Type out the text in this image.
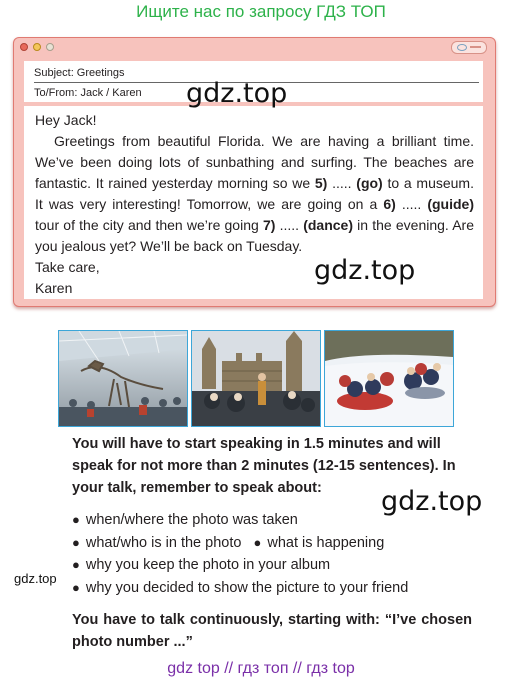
Ищите нас по запросу ГДЗ ТОП
Subject: Greetings
To/From: Jack / Karen

Hey Jack!

Greetings from beautiful Florida. We are having a brilliant time. We’ve been doing lots of sunbathing and surfing. The beaches are fantastic. It rained yesterday morning so we 5) ..... (go) to a museum. It was very interesting! Tomorrow, we are going on a 6) ..... (guide) tour of the city and then we’re going 7) ..... (dance) in the evening. Are you jealous yet? We’ll be back on Tuesday.

Take care,

Karen

gdz.top
gdz.top
You will have to start speaking in 1.5 minutes and will speak for not more than 2 minutes (12-15 sentences). In your talk, remember to speak about:	gdz.top
● when/where the photo was taken
● what/who is in the photo ● what is happening
● why you keep the photo in your album
● why you decided to show the picture to your friend
gdz.top
You have to talk continuously, starting with: “I’ve chosen photo number ...”
gdz top // гдз топ // гдз top
